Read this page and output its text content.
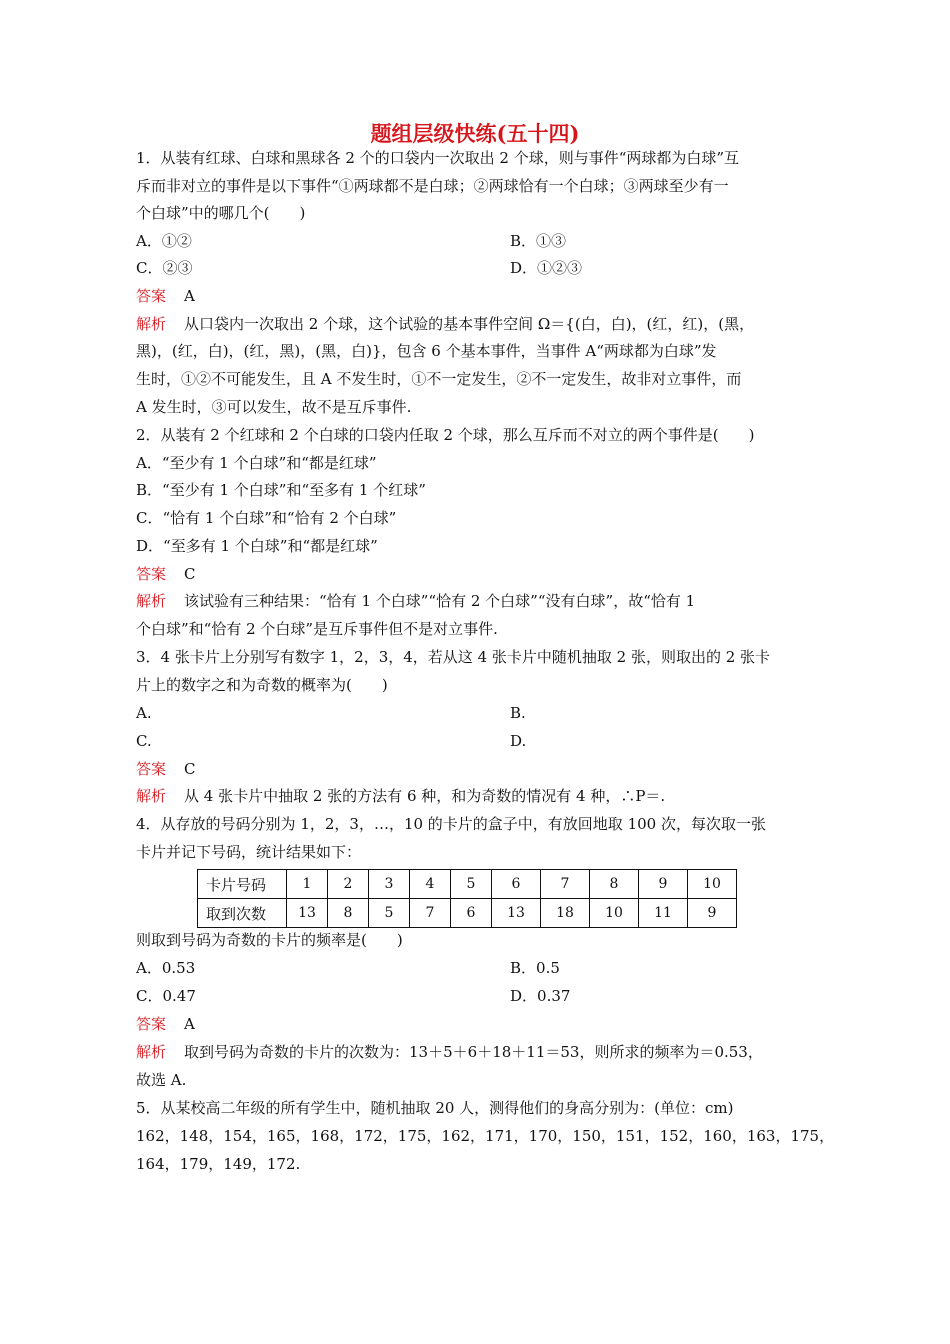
题组层级快练(五十四)
1．从装有红球、白球和黑球各 2 个的口袋内一次取出 2 个球，则与事件“两球都为白球”互
斥而非对立的事件是以下事件“①两球都不是白球；②两球恰有一个白球；③两球至少有一
个白球”中的哪几个(　　)
A．①②	B．①③
C．②③	D．①②③
答案 A
解析 从口袋内一次取出 2 个球，这个试验的基本事件空间 Ω＝{(白，白)，(红，红)，(黑，
黑)，(红，白)，(红，黑)，(黑，白)}，包含 6 个基本事件，当事件 A“两球都为白球”发
生时，①②不可能发生，且 A 不发生时，①不一定发生，②不一定发生，故非对立事件，而
A 发生时，③可以发生，故不是互斥事件.
2．从装有 2 个红球和 2 个白球的口袋内任取 2 个球，那么互斥而不对立的两个事件是(　　)
A．“至少有 1 个白球”和“都是红球”
B．“至少有 1 个白球”和“至多有 1 个红球”
C．“恰有 1 个白球”和“恰有 2 个白球”
D．“至多有 1 个白球”和“都是红球”
答案 C
解析 该试验有三种结果：“恰有 1 个白球”“恰有 2 个白球”“没有白球”，故“恰有 1
个白球”和“恰有 2 个白球”是互斥事件但不是对立事件.
3．4 张卡片上分别写有数字 1，2，3，4，若从这 4 张卡片中随机抽取 2 张，则取出的 2 张卡
片上的数字之和为奇数的概率为(　　)
A.	B.
C.	D.
答案 C
解析 从 4 张卡片中抽取 2 张的方法有 6 种，和为奇数的情况有 4 种，∴P＝.
4．从存放的号码分别为 1，2，3，…，10 的卡片的盒子中，有放回地取 100 次，每次取一张
卡片并记下号码，统计结果如下：
卡片号码	1	2	3	4	5	6	7	8	9	10
取到次数	13	8	5	7	6	13	18	10	11	9
则取到号码为奇数的卡片的频率是(　　)
A．0.53	B．0.5
C．0.47	D．0.37
答案 A
解析 取到号码为奇数的卡片的次数为：13＋5＋6＋18＋11＝53，则所求的频率为＝0.53，
故选 A.
5．从某校高二年级的所有学生中，随机抽取 20 人，测得他们的身高分别为：(单位：cm)
162，148，154，165，168，172，175，162，171，170，150，151，152，160，163，175，
164，179，149，172.
